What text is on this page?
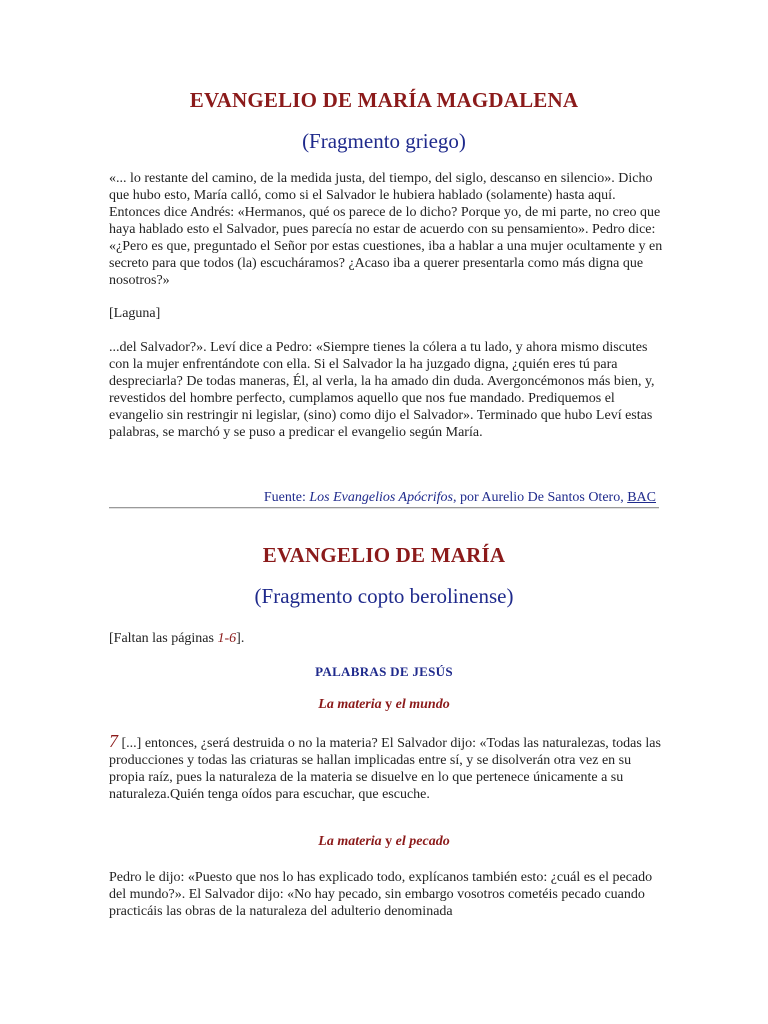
EVANGELIO DE MARÍA MAGDALENA
(Fragmento griego)
«... lo restante del camino, de la medida justa, del tiempo, del siglo, descanso en silencio». Dicho que hubo esto, María calló, como si el Salvador le hubiera hablado (solamente) hasta aquí. Entonces dice Andrés: «Hermanos, qué os parece de lo dicho? Porque yo, de mi parte, no creo que haya hablado esto el Salvador, pues parecía no estar de acuerdo con su pensamiento». Pedro dice: «¿Pero es que, preguntado el Señor por estas cuestiones, iba a hablar a una mujer ocultamente y en secreto para que todos (la) escucháramos? ¿Acaso iba a querer presentarla como más digna que nosotros?»
[Laguna]
...del Salvador?». Leví dice a Pedro: «Siempre tienes la cólera a tu lado, y ahora mismo discutes con la mujer enfrentándote con ella. Si el Salvador la ha juzgado digna, ¿quién eres tú para despreciarla? De todas maneras, Él, al verla, la ha amado din duda. Avergoncémonos más bien, y, revestidos del hombre perfecto, cumplamos aquello que nos fue mandado. Prediquemos el evangelio sin restringir ni legislar, (sino) como dijo el Salvador». Terminado que hubo Leví estas palabras, se marchó y se puso a predicar el evangelio según María.
Fuente: Los Evangelios Apócrifos, por Aurelio De Santos Otero, BAC
EVANGELIO DE MARÍA
(Fragmento copto berolinense)
[Faltan las páginas 1-6].
PALABRAS DE JESÚS
La materia y el mundo
7 [...] entonces, ¿será destruida o no la materia? El Salvador dijo: «Todas las naturalezas, todas las producciones y todas las criaturas se hallan implicadas entre sí, y se disolverán otra vez en su propia raíz, pues la naturaleza de la materia se disuelve en lo que pertenece únicamente a su naturaleza.Quién tenga oídos para escuchar, que escuche.
La materia y el pecado
Pedro le dijo: «Puesto que nos lo has explicado todo, explícanos también esto: ¿cuál es el pecado del mundo?». El Salvador dijo: «No hay pecado, sin embargo vosotros cometéis pecado cuando practicáis las obras de la naturaleza del adulterio denominada
